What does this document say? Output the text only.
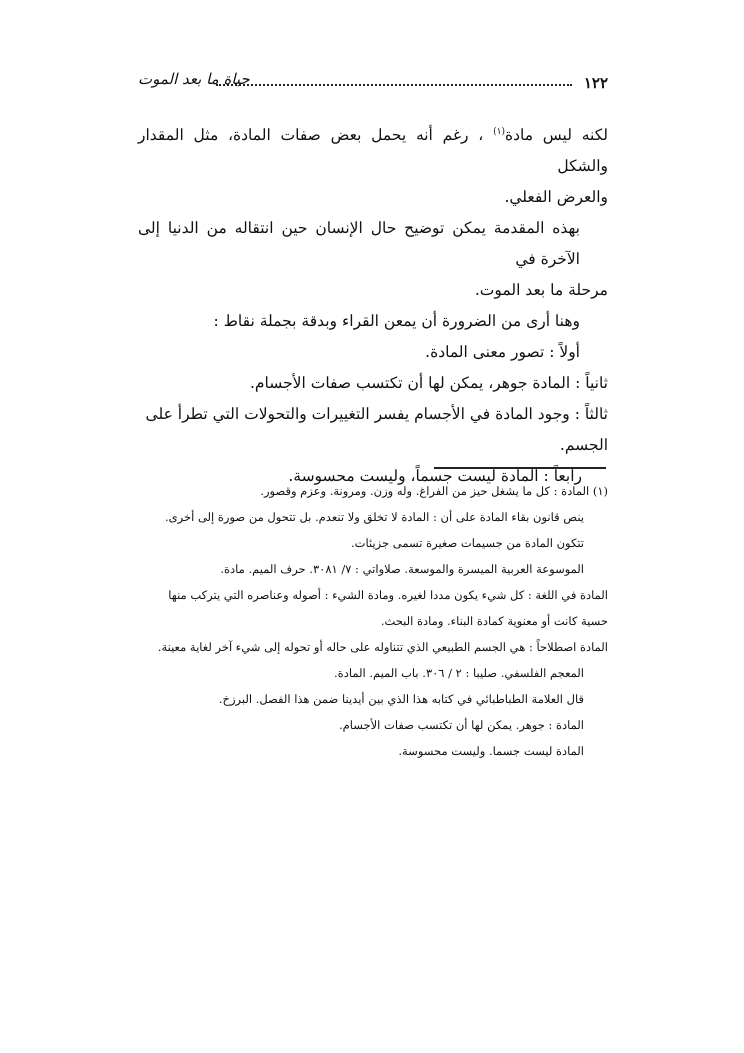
١٢٢
حياة ما بعد الموت

لكنه ليس مادة$^{(١)}$ ، رغم أنه يحمل بعض صفات المادة، مثل المقدار والشكل

والعرض الفعلي.

بهذه المقدمة يمكن توضيح حال الإنسان حين انتقاله من الدنيا إلى الآخرة في

مرحلة ما بعد الموت.

وهنا أرى من الضرورة أن يمعن القراء وبدقة بجملة نقاط :

أولاً : تصور معنى المادة.

ثانياً : المادة جوهر، يمكن لها أن تكتسب صفات الأجسام.

ثالثاً : وجود المادة في الأجسام يفسر التغييرات والتحولات التي تطرأ على

الجسم.

رابعاً : المادة ليست جسماً، وليست محسوسة.

(١) المادة : كل ما يشغل حيز من الفراغ. وله وزن. ومرونة. وعزم وقصور.

ينص قانون بقاء المادة على أن : المادة لا تخلق ولا تنعدم. بل تتحول من صورة إلى أخرى.

تتكون المادة من جسيمات صغيرة تسمى جزيئات.

الموسوعة العربية الميسرة والموسعة. صلاواتي : ٧/ ٣٠٨١. حرف الميم. مادة.

المادة في اللغة : كل شيء يكون مددا لغيره. ومادة الشيء : أصوله وعناصره التي يتركب منها

حسية كانت أو معنوية كمادة البناء. ومادة البحث.

المادة اصطلاحاً : هي الجسم الطبيعي الذي تتناوله على حاله أو تحوله إلى شيء آخر لغاية معينة.

المعجم الفلسفي. صليبا : ٢ / ٣٠٦. باب الميم. المادة.

قال العلامة الطباطبائي في كتابه هذا الذي بين أيدينا ضمن هذا الفصل. البرزخ.

المادة : جوهر. يمكن لها أن تكتسب صفات الأجسام.

المادة ليست جسما. وليست محسوسة.
